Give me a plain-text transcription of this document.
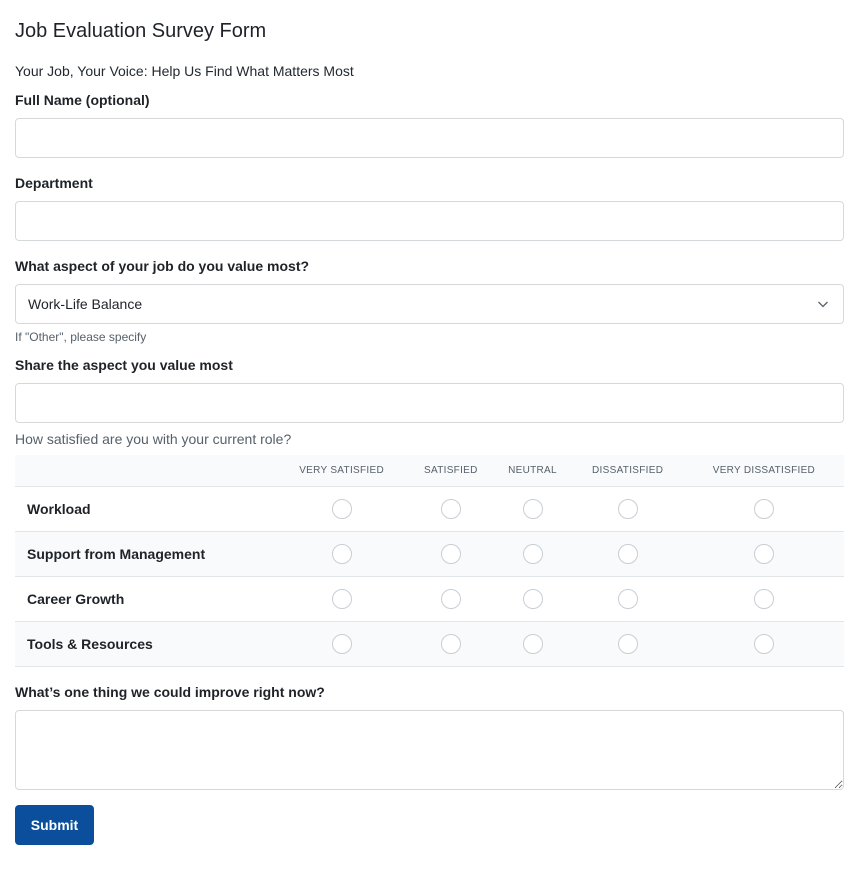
Job Evaluation Survey Form

Your Job, Your Voice: Help Us Find What Matters Most

Full Name (optional)
Department
What aspect of your job do you value most?
Work-Life Balance
If "Other", please specify
Share the aspect you value most
How satisfied are you with your current role?
	VERY SATISFIED	SATISFIED	NEUTRAL	DISSATISFIED	VERY DISSATISFIED
Workload					
Support from Management					
Career Growth					
Tools & Resources					
What’s one thing we could improve right now?
Submit
